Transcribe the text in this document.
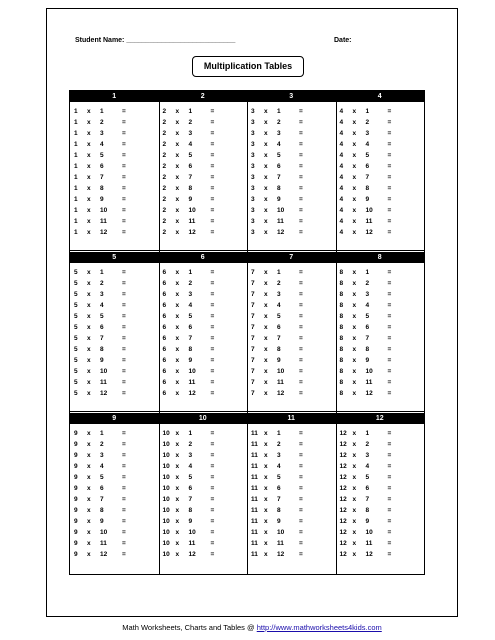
Student Name: ____________________________	Date:
Multiplication Tables
1
1 x 1	=
1 x 2	=
1 x 3	=
1 x 4	=
1 x 5	=
1 x 6	=
1 x 7	=
1 x 8	=
1 x 9	=
1 x 10 =
1 x 11 =
1 x 12 =
2
2 x 1	=
2 x 2	=
2 x 3	=
2 x 4	=
2 x 5	=
2 x 6	=
2 x 7	=
2 x 8	=
2 x 9	=
2 x 10 =
2 x 11 =
2 x 12 =
3
3 x 1	=
3 x 2	=
3 x 3	=
3 x 4	=
3 x 5	=
3 x 6	=
3 x 7	=
3 x 8	=
3 x 9	=
3 x 10 =
3 x 11 =
3 x 12 =
4
4 x 1	=
4 x 2	=
4 x 3	=
4 x 4	=
4 x 5	=
4 x 6	=
4 x 7	=
4 x 8	=
4 x 9	=
4 x 10 =
4 x 11 =
4 x 12 =
5
5 x 1	=
5 x 2	=
5 x 3	=
5 x 4	=
5 x 5	=
5 x 6	=
5 x 7	=
5 x 8	=
5 x 9	=
5 x 10 =
5 x 11 =
5 x 12 =
6
6 x 1	=
6 x 2	=
6 x 3	=
6 x 4	=
6 x 5	=
6 x 6	=
6 x 7	=
6 x 8	=
6 x 9	=
6 x 10 =
6 x 11 =
6 x 12 =
7
7 x 1	=
7 x 2	=
7 x 3	=
7 x 4	=
7 x 5	=
7 x 6	=
7 x 7	=
7 x 8	=
7 x 9	=
7 x 10 =
7 x 11 =
7 x 12 =
8
8 x 1	=
8 x 2	=
8 x 3	=
8 x 4	=
8 x 5	=
8 x 6	=
8 x 7	=
8 x 8	=
8 x 9	=
8 x 10 =
8 x 11 =
8 x 12 =
9
9 x 1	=
9 x 2	=
9 x 3	=
9 x 4	=
9 x 5	=
9 x 6	=
9 x 7	=
9 x 8	=
9 x 9	=
9 x 10 =
9 x 11 =
9 x 12 =
10
10 x 1	=
10 x 2	=
10 x 3	=
10 x 4	=
10 x 5	=
10 x 6	=
10 x 7	=
10 x 8	=
10 x 9	=
10 x 10 =
10 x 11 =
10 x 12 =
11
11 x 1	=
11 x 2	=
11 x 3	=
11 x 4	=
11 x 5	=
11 x 6	=
11 x 7	=
11 x 8	=
11 x 9	=
11 x 10 =
11 x 11 =
11 x 12 =
12
12 x 1	=
12 x 2	=
12 x 3	=
12 x 4	=
12 x 5	=
12 x 6	=
12 x 7	=
12 x 8	=
12 x 9	=
12 x 10 =
12 x 11 =
12 x 12 =
Math Worksheets, Charts and Tables @ http://www.mathworksheets4kids.com
